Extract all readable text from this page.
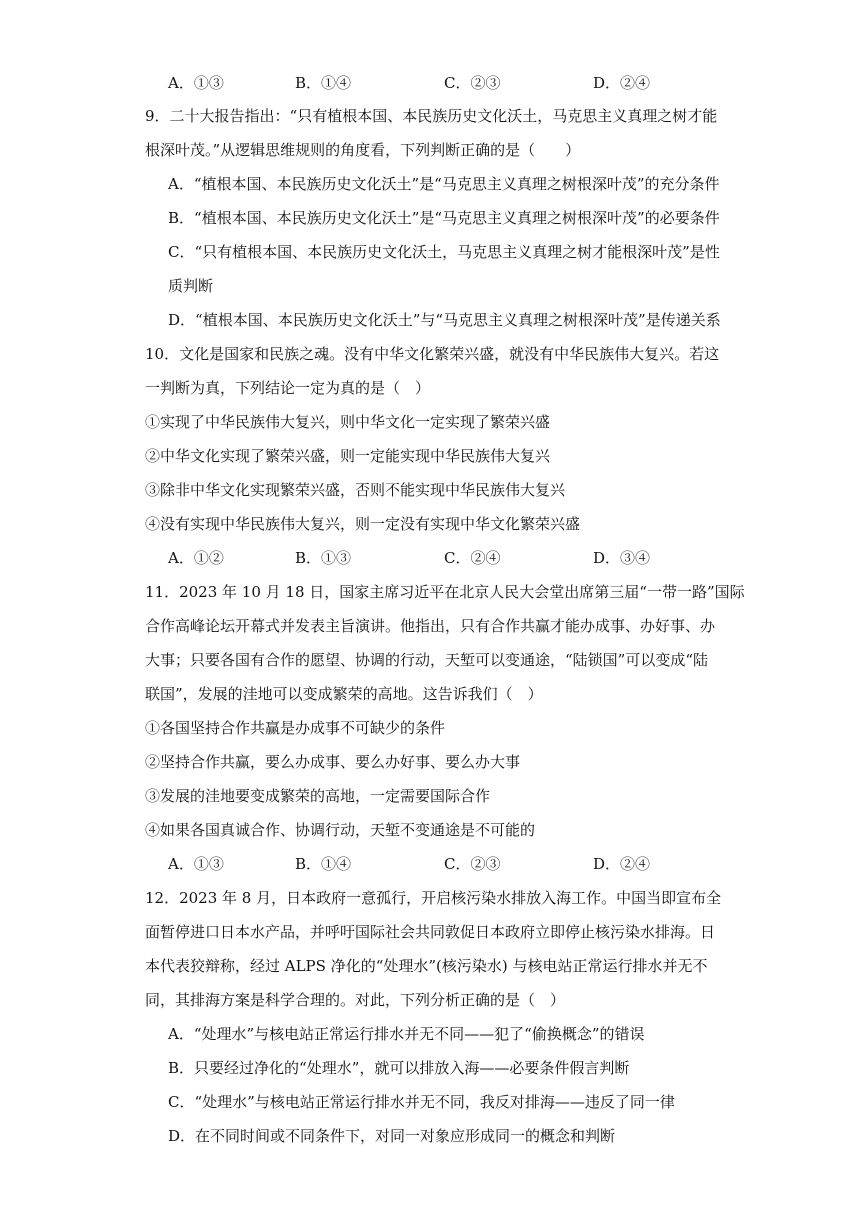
A．①③	B．①④	C．②③	D．②④
9．二十大报告指出：“只有植根本国、本民族历史文化沃土，马克思主义真理之树才能
根深叶茂。”从逻辑思维规则的角度看，下列判断正确的是（　　）
A．“植根本国、本民族历史文化沃土”是“马克思主义真理之树根深叶茂”的充分条件
B．“植根本国、本民族历史文化沃土”是“马克思主义真理之树根深叶茂”的必要条件
C．“只有植根本国、本民族历史文化沃土，马克思主义真理之树才能根深叶茂”是性
质判断
D．“植根本国、本民族历史文化沃土”与“马克思主义真理之树根深叶茂”是传递关系
10．文化是国家和民族之魂。没有中华文化繁荣兴盛，就没有中华民族伟大复兴。若这
一判断为真，下列结论一定为真的是（　）
①实现了中华民族伟大复兴，则中华文化一定实现了繁荣兴盛
②中华文化实现了繁荣兴盛，则一定能实现中华民族伟大复兴
③除非中华文化实现繁荣兴盛，否则不能实现中华民族伟大复兴
④没有实现中华民族伟大复兴，则一定没有实现中华文化繁荣兴盛
A．①②	B．①③	C．②④	D．③④
11．2023 年 10 月 18 日，国家主席习近平在北京人民大会堂出席第三届“一带一路”国际
合作高峰论坛开幕式并发表主旨演讲。他指出，只有合作共赢才能办成事、办好事、办
大事；只要各国有合作的愿望、协调的行动，天堑可以变通途，“陆锁国”可以变成“陆
联国”，发展的洼地可以变成繁荣的高地。这告诉我们（　）
①各国坚持合作共赢是办成事不可缺少的条件
②坚持合作共赢，要么办成事、要么办好事、要么办大事
③发展的洼地要变成繁荣的高地，一定需要国际合作
④如果各国真诚合作、协调行动，天堑不变通途是不可能的
A．①③	B．①④	C．②③	D．②④
12．2023 年 8 月，日本政府一意孤行，开启核污染水排放入海工作。中国当即宣布全
面暂停进口日本水产品，并呼吁国际社会共同敦促日本政府立即停止核污染水排海。日
本代表狡辩称，经过 ALPS 净化的“处理水”(核污染水) 与核电站正常运行排水并无不
同，其排海方案是科学合理的。对此，下列分析正确的是（　）
A．“处理水”与核电站正常运行排水并无不同——犯了“偷换概念”的错误
B．只要经过净化的“处理水”，就可以排放入海——必要条件假言判断
C．“处理水”与核电站正常运行排水并无不同，我反对排海——违反了同一律
D．在不同时间或不同条件下，对同一对象应形成同一的概念和判断
